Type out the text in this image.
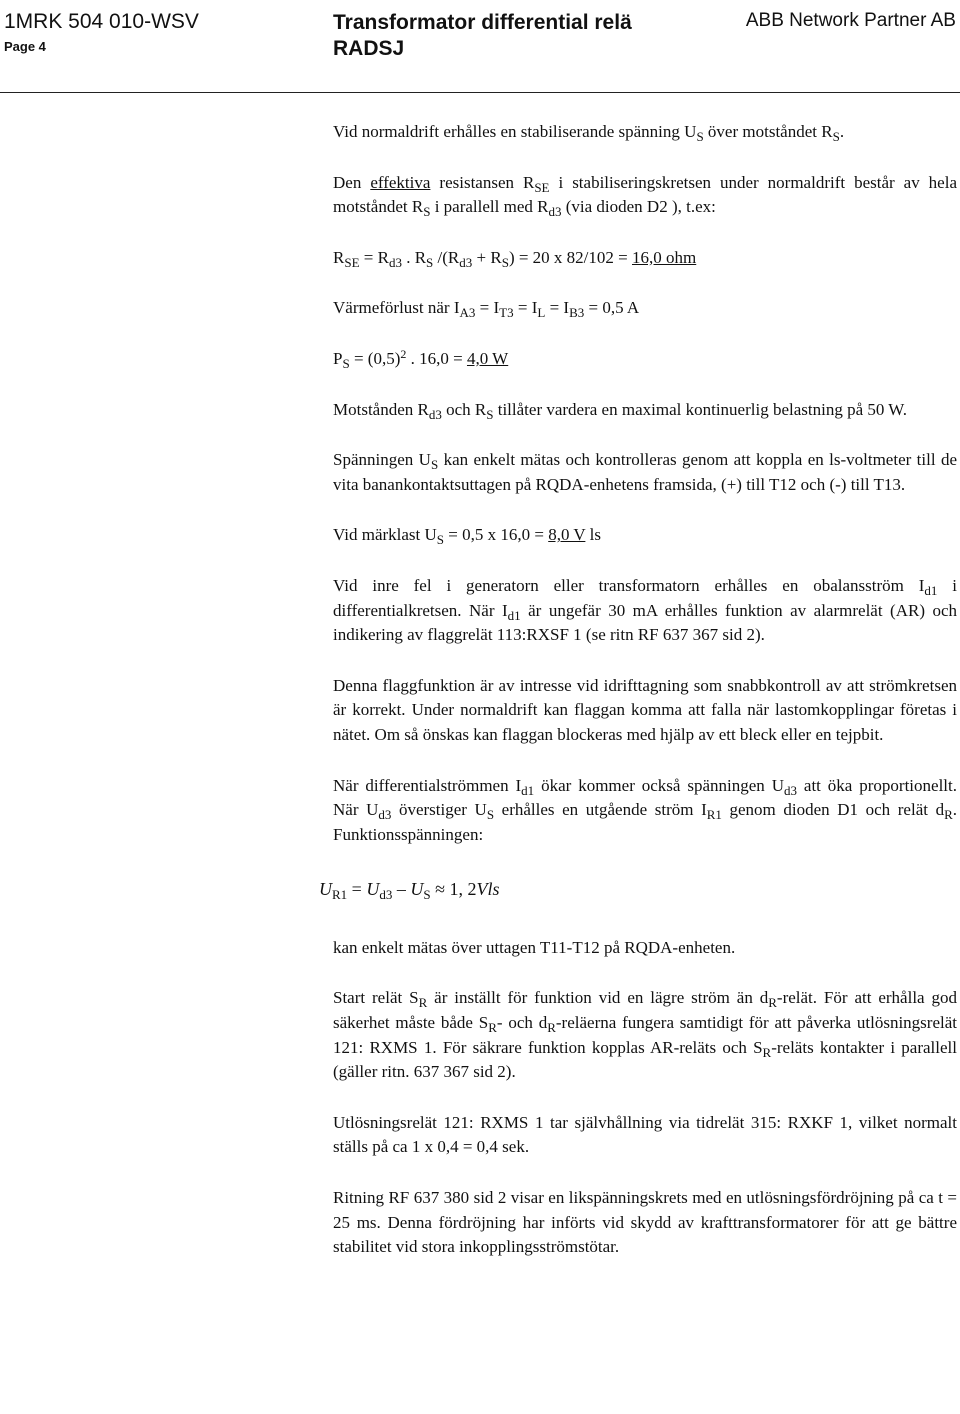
1MRK 504 010-WSV
Page 4
Transformator differential relä
RADSJ
ABB Network Partner AB

Vid normaldrift erhålles en stabiliserande spänning $U_S$ över motståndet $R_S$.

Den effektiva resistansen $R_{SE}$ i stabiliseringskretsen under normaldrift består av hela motståndet $R_S$ i parallell med $R_{d3}$ (via dioden D2 ), t.ex:

$R_{SE} = R_{d3}$ . $R_S$ $/(R_{d3} + R_S) = 20$ x 82/102 = 16,0 ohm

Värmeförlust när $I_{A3} = I_{T3} = I_L = I_{B3} = 0,5$ A

$P_S = (0,5)^2$ . 16,0 = 4,0 W

Motstånden $R_{d3}$ och $R_S$ tillåter vardera en maximal kontinuerlig belastning på 50 W.

Spänningen $U_S$ kan enkelt mätas och kontrolleras genom att koppla en ls-voltmeter till de vita banankontaktsuttagen på RQDA-enhetens framsida, (+) till T12 och (-) till T13.

Vid märklast $U_S = 0,5$ x 16,0 = 8,0 V ls

Vid inre fel i generatorn eller transformatorn erhålles en obalansström $I_{d1}$ i differentialkretsen. När $I_{d1}$ är ungefär 30 mA erhålles funktion av alarmrelät (AR) och indikering av flaggrelät 113:RXSF 1 (se ritn RF 637 367 sid 2).

Denna flaggfunktion är av intresse vid idrifttagning som snabbkontroll av att strömkretsen är korrekt. Under normaldrift kan flaggan komma att falla när lastomkopplingar företas i nätet. Om så önskas kan flaggan blockeras med hjälp av ett bleck eller en tejpbit.

När differentialströmmen $I_{d1}$ ökar kommer också spänningen $U_{d3}$ att öka proportionellt. När $U_{d3}$ överstiger $U_S$ erhålles en utgående ström $I_{R1}$ genom dioden D1 och relät $d_R$. Funktionsspänningen:

$U_{R1} = U_{d3} - U_S \approx 1$, 2Vls

kan enkelt mätas över uttagen T11-T12 på RQDA-enheten.

Start relät $S_R$ är inställt för funktion vid en lägre ström än $d_R$-relät. För att erhålla god säkerhet måste både $S_R-$ och $d_R$-reläerna fungera samtidigt för att påverka utlösningsrelät 121: RXMS 1. För säkrare funktion kopplas AR-reläts och $S_R$-reläts kontakter i parallell (gäller ritn. 637 367 sid 2).

Utlösningsrelät 121: RXMS 1 tar självhållning via tidrelät 315: RXKF 1, vilket normalt ställs på ca 1 x 0,4 = 0,4 sek.

Ritning RF 637 380 sid 2 visar en likspänningskrets med en utlösningsfördröjning på ca t = 25 ms. Denna fördröjning har införts vid skydd av krafttransformatorer för att ge bättre stabilitet vid stora inkopplingsströmstötar.
